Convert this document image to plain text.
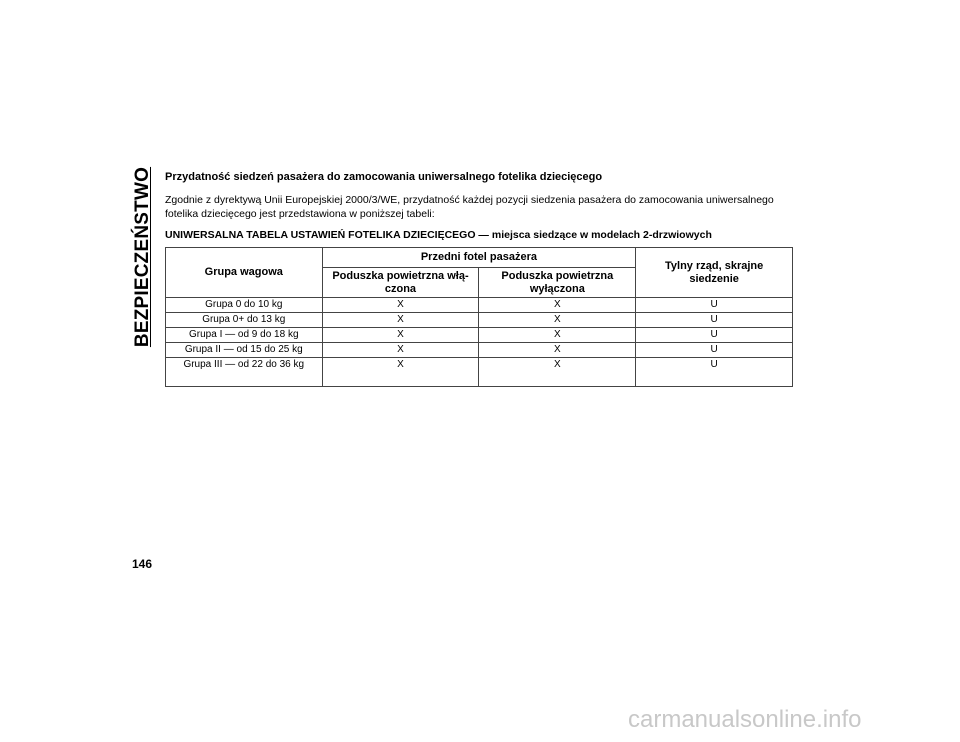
BEZPIECZEŃSTWO Przydatność siedzeń pasażera do zamocowania uniwersalnego fotelika dziecięcego

Zgodnie z dyrektywą Unii Europejskiej 2000/3/WE, przydatność każdej pozycji siedzenia pasażera do zamocowania uniwersalnego fotelika dziecięcego jest przedstawiona w poniższej tabeli:

UNIWERSALNA TABELA USTAWIEŃ FOTELIKA DZIECIĘCEGO — miejsca siedzące w modelach 2-drzwiowych
Grupa wagowa	Przedni fotel pasażera		Tylny rząd, skrajne siedzenie
	Poduszka powietrzna włą-czona	Poduszka powietrzna wyłączona	
Grupa 0 do 10 kg	X	X	U
Grupa 0+ do 13 kg	X	X	U
Grupa I — od 9 do 18 kg	X	X	U
Grupa II — od 15 do 25 kg	X	X	U
Grupa III — od 22 do 36 kg	X	X	U
146
carmanualsonline.info
